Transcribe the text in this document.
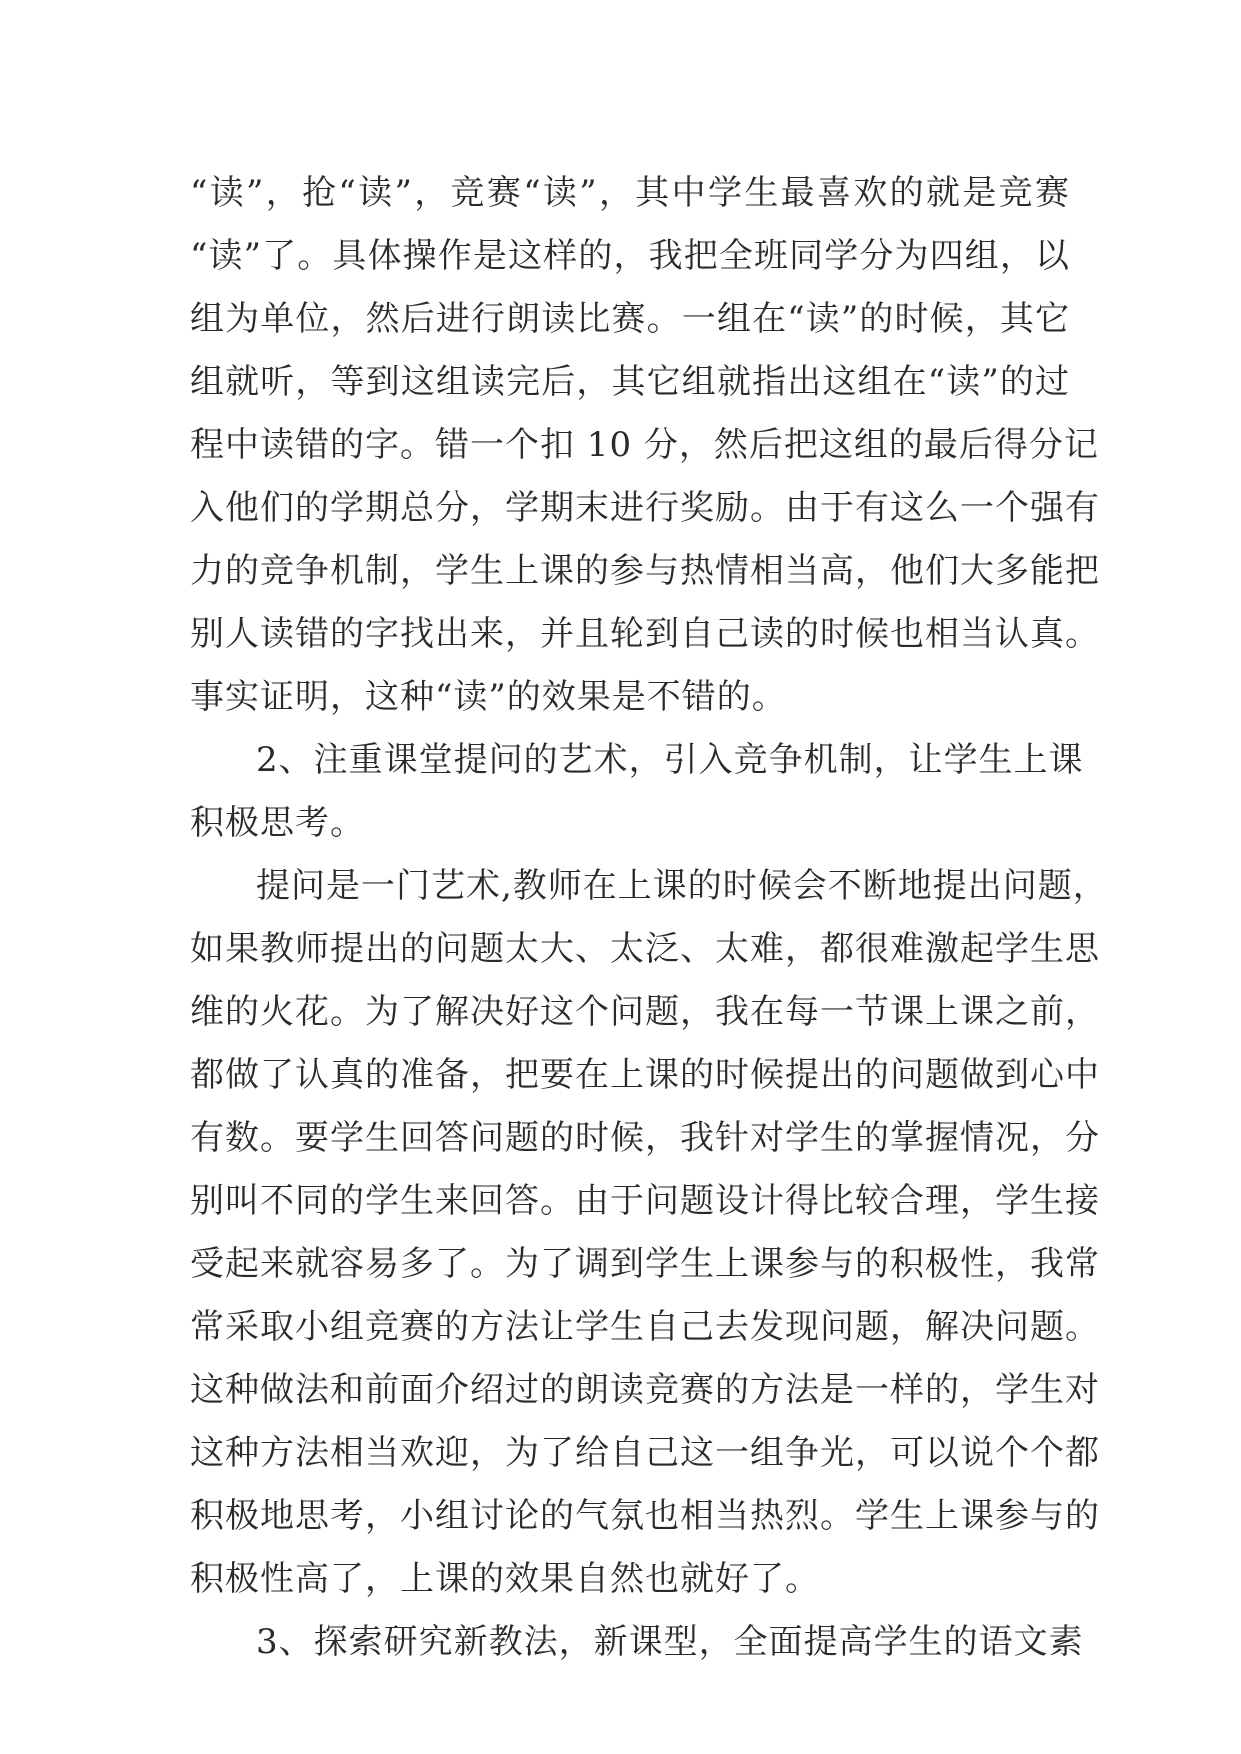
“读”，抢“读”，竞赛“读”，其中学生最喜欢的就是竞赛
“读”了。具体操作是这样的，我把全班同学分为四组，以
组为单位，然后进行朗读比赛。一组在“读”的时候，其它
组就听，等到这组读完后，其它组就指出这组在“读”的过
程中读错的字。错一个扣 10 分，然后把这组的最后得分记
入他们的学期总分，学期末进行奖励。由于有这么一个强有
力的竞争机制，学生上课的参与热情相当高，他们大多能把
别人读错的字找出来，并且轮到自己读的时候也相当认真。
事实证明，这种“读”的效果是不错的。
2、注重课堂提问的艺术，引入竞争机制，让学生上课
积极思考。
提问是一门艺术,教师在上课的时候会不断地提出问题，
如果教师提出的问题太大、太泛、太难，都很难激起学生思
维的火花。为了解决好这个问题，我在每一节课上课之前，
都做了认真的准备，把要在上课的时候提出的问题做到心中
有数。要学生回答问题的时候，我针对学生的掌握情况，分
别叫不同的学生来回答。由于问题设计得比较合理，学生接
受起来就容易多了。为了调到学生上课参与的积极性，我常
常采取小组竞赛的方法让学生自己去发现问题，解决问题。
这种做法和前面介绍过的朗读竞赛的方法是一样的，学生对
这种方法相当欢迎，为了给自己这一组争光，可以说个个都
积极地思考，小组讨论的气氛也相当热烈。学生上课参与的
积极性高了，上课的效果自然也就好了。
3、探索研究新教法，新课型，全面提高学生的语文素
